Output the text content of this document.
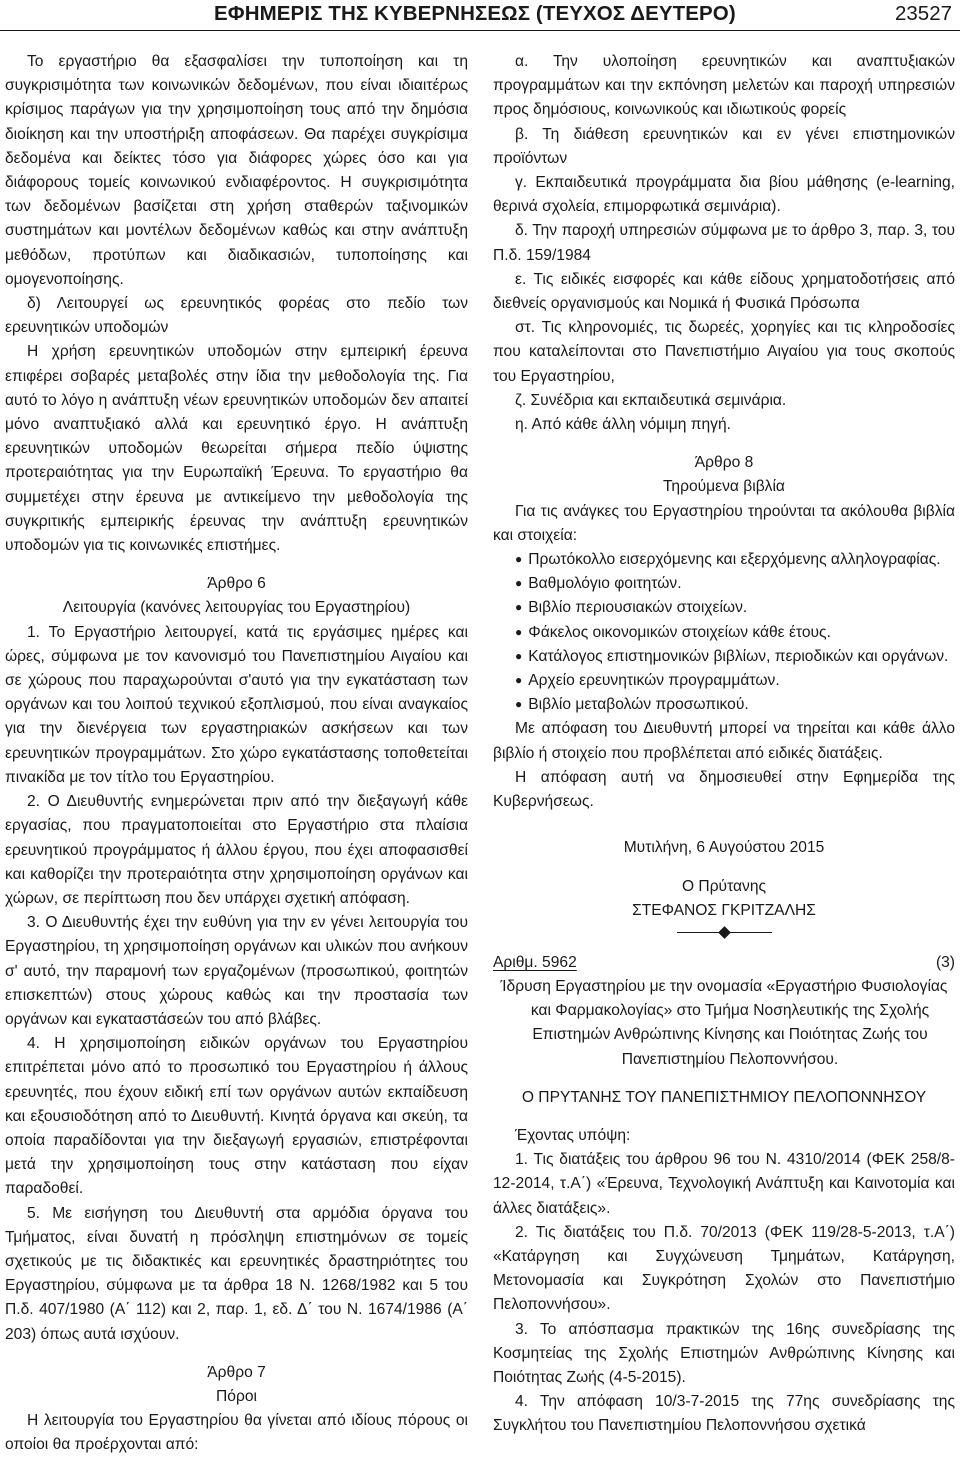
ΕΦΗΜΕΡΙΣ ΤΗΣ ΚΥΒΕΡΝΗΣΕΩΣ (ΤΕΥΧΟΣ ΔΕΥΤΕΡΟ)	23527

Το εργαστήριο θα εξασφαλίσει την τυποποίηση και τη συγκρισιμότητα των κοινωνικών δεδομένων, που είναι ιδιαιτέρως κρίσιμος παράγων για την χρησιμοποίηση τους από την δημόσια διοίκηση και την υποστήριξη αποφάσεων. Θα παρέχει συγκρίσιμα δεδομένα και δείκτες τόσο για διάφορες χώρες όσο και για διάφορους τομείς κοινωνικού ενδιαφέροντος. Η συγκρισιμότητα των δεδομένων βασίζεται στη χρήση σταθερών ταξινομικών συστημάτων και μοντέλων δεδομένων καθώς και στην ανάπτυξη μεθόδων, προτύπων και διαδικασιών, τυποποίησης και ομογενοποίησης.

δ) Λειτουργεί ως ερευνητικός φορέας στο πεδίο των ερευνητικών υποδομών

Η χρήση ερευνητικών υποδομών στην εμπειρική έρευνα επιφέρει σοβαρές μεταβολές στην ίδια την μεθοδολογία της. Για αυτό το λόγο η ανάπτυξη νέων ερευνητικών υποδομών δεν απαιτεί μόνο αναπτυξιακό αλλά και ερευνητικό έργο. Η ανάπτυξη ερευνητικών υποδομών θεωρείται σήμερα πεδίο ύψιστης προτεραιότητας για την Ευρωπαϊκή Έρευνα. Το εργαστήριο θα συμμετέχει στην έρευνα με αντικείμενο την μεθοδολογία της συγκριτικής εμπειρικής έρευνας την ανάπτυξη ερευνητικών υποδομών για τις κοινωνικές επιστήμες.

Άρθρο 6

Λειτουργία (κανόνες λειτουργίας του Εργαστηρίου)

1. Το Εργαστήριο λειτουργεί, κατά τις εργάσιμες ημέρες και ώρες, σύμφωνα με τον κανονισμό του Πανεπιστημίου Αιγαίου και σε χώρους που παραχωρούνται σ'αυτό για την εγκατάσταση των οργάνων και του λοιπού τεχνικού εξοπλισμού, που είναι αναγκαίος για την διενέργεια των εργαστηριακών ασκήσεων και των ερευνητικών προγραμμάτων. Στο χώρο εγκατάστασης τοποθετείται πινακίδα με τον τίτλο του Εργαστηρίου.

2. Ο Διευθυντής ενημερώνεται πριν από την διεξαγωγή κάθε εργασίας, που πραγματοποιείται στο Εργαστήριο στα πλαίσια ερευνητικού προγράμματος ή άλλου έργου, που έχει αποφασισθεί και καθορίζει την προτεραιότητα στην χρησιμοποίηση οργάνων και χώρων, σε περίπτωση που δεν υπάρχει σχετική απόφαση.

3. Ο Διευθυντής έχει την ευθύνη για την εν γένει λειτουργία του Εργαστηρίου, τη χρησιμοποίηση οργάνων και υλικών που ανήκουν σ' αυτό, την παραμονή των εργαζομένων (προσωπικού, φοιτητών επισκεπτών) στους χώρους καθώς και την προστασία των οργάνων και εγκαταστάσεών του από βλάβες.

4. Η χρησιμοποίηση ειδικών οργάνων του Εργαστηρίου επιτρέπεται μόνο από το προσωπικό του Εργαστηρίου ή άλλους ερευνητές, που έχουν ειδική επί των οργάνων αυτών εκπαίδευση και εξουσιοδότηση από το Διευθυντή. Κινητά όργανα και σκεύη, τα οποία παραδίδονται για την διεξαγωγή εργασιών, επιστρέφονται μετά την χρησιμοποίηση τους στην κατάσταση που είχαν παραδοθεί.

5. Με εισήγηση του Διευθυντή στα αρμόδια όργανα του Τμήματος, είναι δυνατή η πρόσληψη επιστημόνων σε τομείς σχετικούς με τις διδακτικές και ερευνητικές δραστηριότητες του Εργαστηρίου, σύμφωνα με τα άρθρα 18 Ν. 1268/1982 και 5 του Π.δ. 407/1980 (Α΄ 112) και 2, παρ. 1, εδ. Δ΄ του Ν. 1674/1986 (Α΄ 203) όπως αυτά ισχύουν.

Άρθρο 7

Πόροι

Η λειτουργία του Εργαστηρίου θα γίνεται από ιδίους πόρους οι οποίοι θα προέρχονται από:

α. Την υλοποίηση ερευνητικών και αναπτυξιακών προγραμμάτων και την εκπόνηση μελετών και παροχή υπηρεσιών προς δημόσιους, κοινωνικούς και ιδιωτικούς φορείς

β. Τη διάθεση ερευνητικών και εν γένει επιστημονικών προϊόντων

γ. Εκπαιδευτικά προγράμματα δια βίου μάθησης (e-learning, θερινά σχολεία, επιμορφωτικά σεμινάρια).

δ. Την παροχή υπηρεσιών σύμφωνα με το άρθρο 3, παρ. 3, του Π.δ. 159/1984

ε. Τις ειδικές εισφορές και κάθε είδους χρηματοδοτήσεις από διεθνείς οργανισμούς και Νομικά ή Φυσικά Πρόσωπα

στ. Τις κληρονομιές, τις δωρεές, χορηγίες και τις κληροδοσίες που καταλείπονται στο Πανεπιστήμιο Αιγαίου για τους σκοπούς του Εργαστηρίου,

ζ. Συνέδρια και εκπαιδευτικά σεμινάρια.

η. Από κάθε άλλη νόμιμη πηγή.

Άρθρο 8

Τηρούμενα βιβλία

Για τις ανάγκες του Εργαστηρίου τηρούνται τα ακόλουθα βιβλία και στοιχεία:

● Πρωτόκολλο εισερχόμενης και εξερχόμενης αλληλογραφίας.

● Βαθμολόγιο φοιτητών.

● Βιβλίο περιουσιακών στοιχείων.

● Φάκελος οικονομικών στοιχείων κάθε έτους.

● Κατάλογος επιστημονικών βιβλίων, περιοδικών και οργάνων.

● Αρχείο ερευνητικών προγραμμάτων.

● Βιβλίο μεταβολών προσωπικού.

Με απόφαση του Διευθυντή μπορεί να τηρείται και κάθε άλλο βιβλίο ή στοιχείο που προβλέπεται από ειδικές διατάξεις.

Η απόφαση αυτή να δημοσιευθεί στην Εφημερίδα της Κυβερνήσεως.

Μυτιλήνη, 6 Αυγούστου 2015

Ο Πρύτανης

ΣΤΕΦΑΝΟΣ ΓΚΡΙΤΖΑΛΗΣ

Αριθμ. 5962	(3)

Ίδρυση Εργαστηρίου με την ονομασία «Εργαστήριο Φυσιολογίας και Φαρμακολογίας» στο Τμήμα Νοσηλευτικής της Σχολής Επιστημών Ανθρώπινης Κίνησης και Ποιότητας Ζωής του Πανεπιστημίου Πελοποννήσου.

Ο ΠΡΥΤΑΝΗΣ ΤΟΥ ΠΑΝΕΠΙΣΤΗΜΙΟΥ ΠΕΛΟΠΟΝΝΗΣΟΥ

Έχοντας υπόψη:

1. Τις διατάξεις του άρθρου 96 του Ν. 4310/2014 (ΦΕΚ 258/8-12-2014, τ.Α΄) «Έρευνα, Τεχνολογική Ανάπτυξη και Καινοτομία και άλλες διατάξεις».

2. Τις διατάξεις του Π.δ. 70/2013 (ΦΕΚ 119/28-5-2013, τ.Α΄) «Κατάργηση και Συγχώνευση Τμημάτων, Κατάργηση, Μετονομασία και Συγκρότηση Σχολών στο Πανεπιστήμιο Πελοποννήσου».

3. Το απόσπασμα πρακτικών της 16ης συνεδρίασης της Κοσμητείας της Σχολής Επιστημών Ανθρώπινης Κίνησης και Ποιότητας Ζωής (4-5-2015).

4. Την απόφαση 10/3-7-2015 της 77ης συνεδρίασης της Συγκλήτου του Πανεπιστημίου Πελοποννήσου σχετικά
